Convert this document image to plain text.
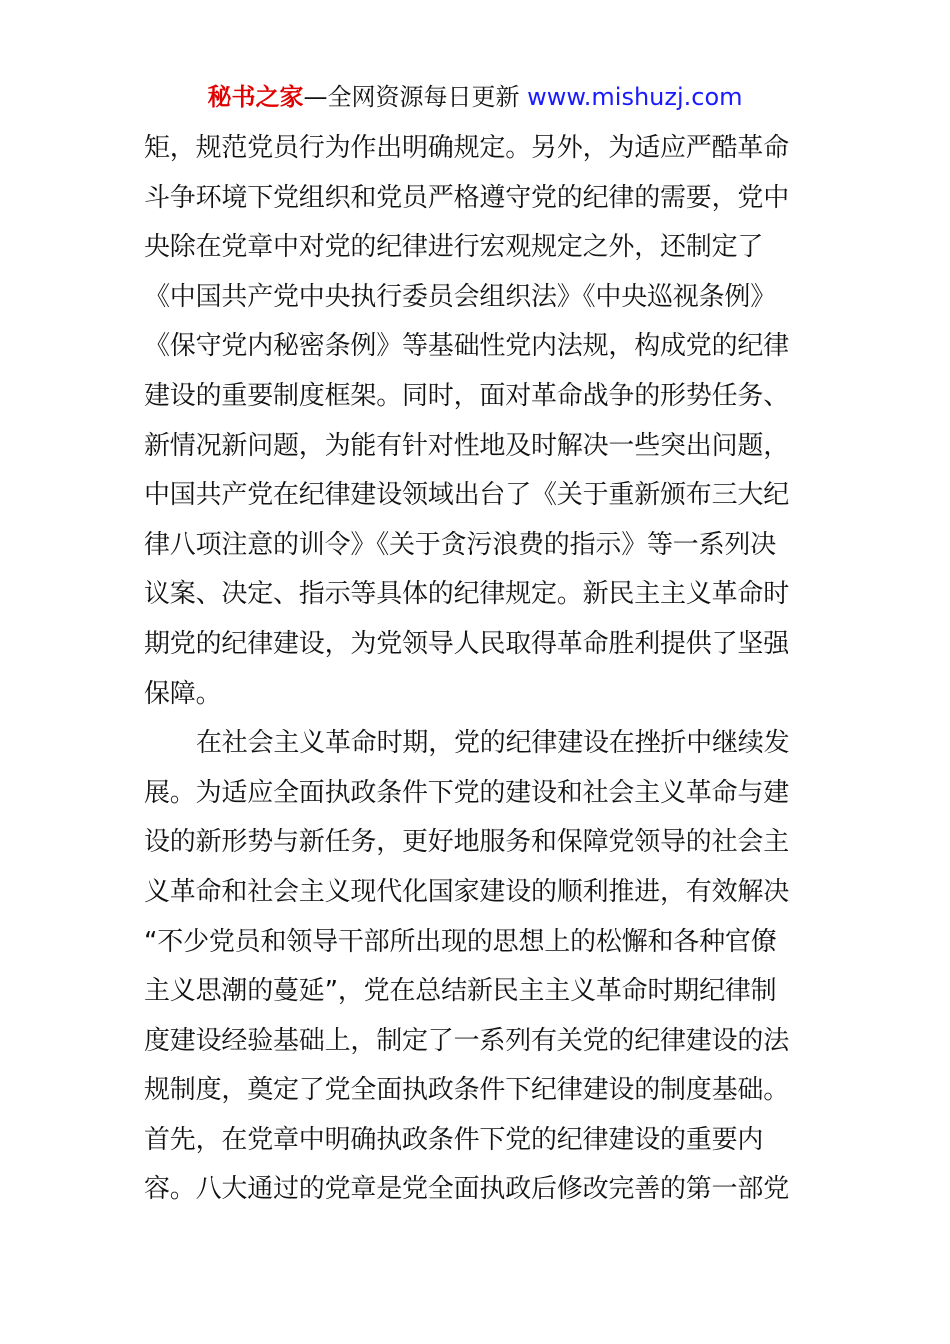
秘书之家—全网资源每日更新 www.mishuzj.com
矩，规范党员行为作出明确规定。另外，为适应严酷革命
斗争环境下党组织和党员严格遵守党的纪律的需要，党中
央除在党章中对党的纪律进行宏观规定之外，还制定了
《中国共产党中央执行委员会组织法》《中央巡视条例》
《保守党内秘密条例》等基础性党内法规，构成党的纪律
建设的重要制度框架。同时，面对革命战争的形势任务、
新情况新问题，为能有针对性地及时解决一些突出问题，
中国共产党在纪律建设领域出台了《关于重新颁布三大纪
律八项注意的训令》《关于贪污浪费的指示》等一系列决
议案、决定、指示等具体的纪律规定。新民主主义革命时
期党的纪律建设，为党领导人民取得革命胜利提供了坚强
保障。
在社会主义革命时期，党的纪律建设在挫折中继续发
展。为适应全面执政条件下党的建设和社会主义革命与建
设的新形势与新任务，更好地服务和保障党领导的社会主
义革命和社会主义现代化国家建设的顺利推进，有效解决
“不少党员和领导干部所出现的思想上的松懈和各种官僚
主义思潮的蔓延”，党在总结新民主主义革命时期纪律制
度建设经验基础上，制定了一系列有关党的纪律建设的法
规制度，奠定了党全面执政条件下纪律建设的制度基础。
首先，在党章中明确执政条件下党的纪律建设的重要内
容。八大通过的党章是党全面执政后修改完善的第一部党
